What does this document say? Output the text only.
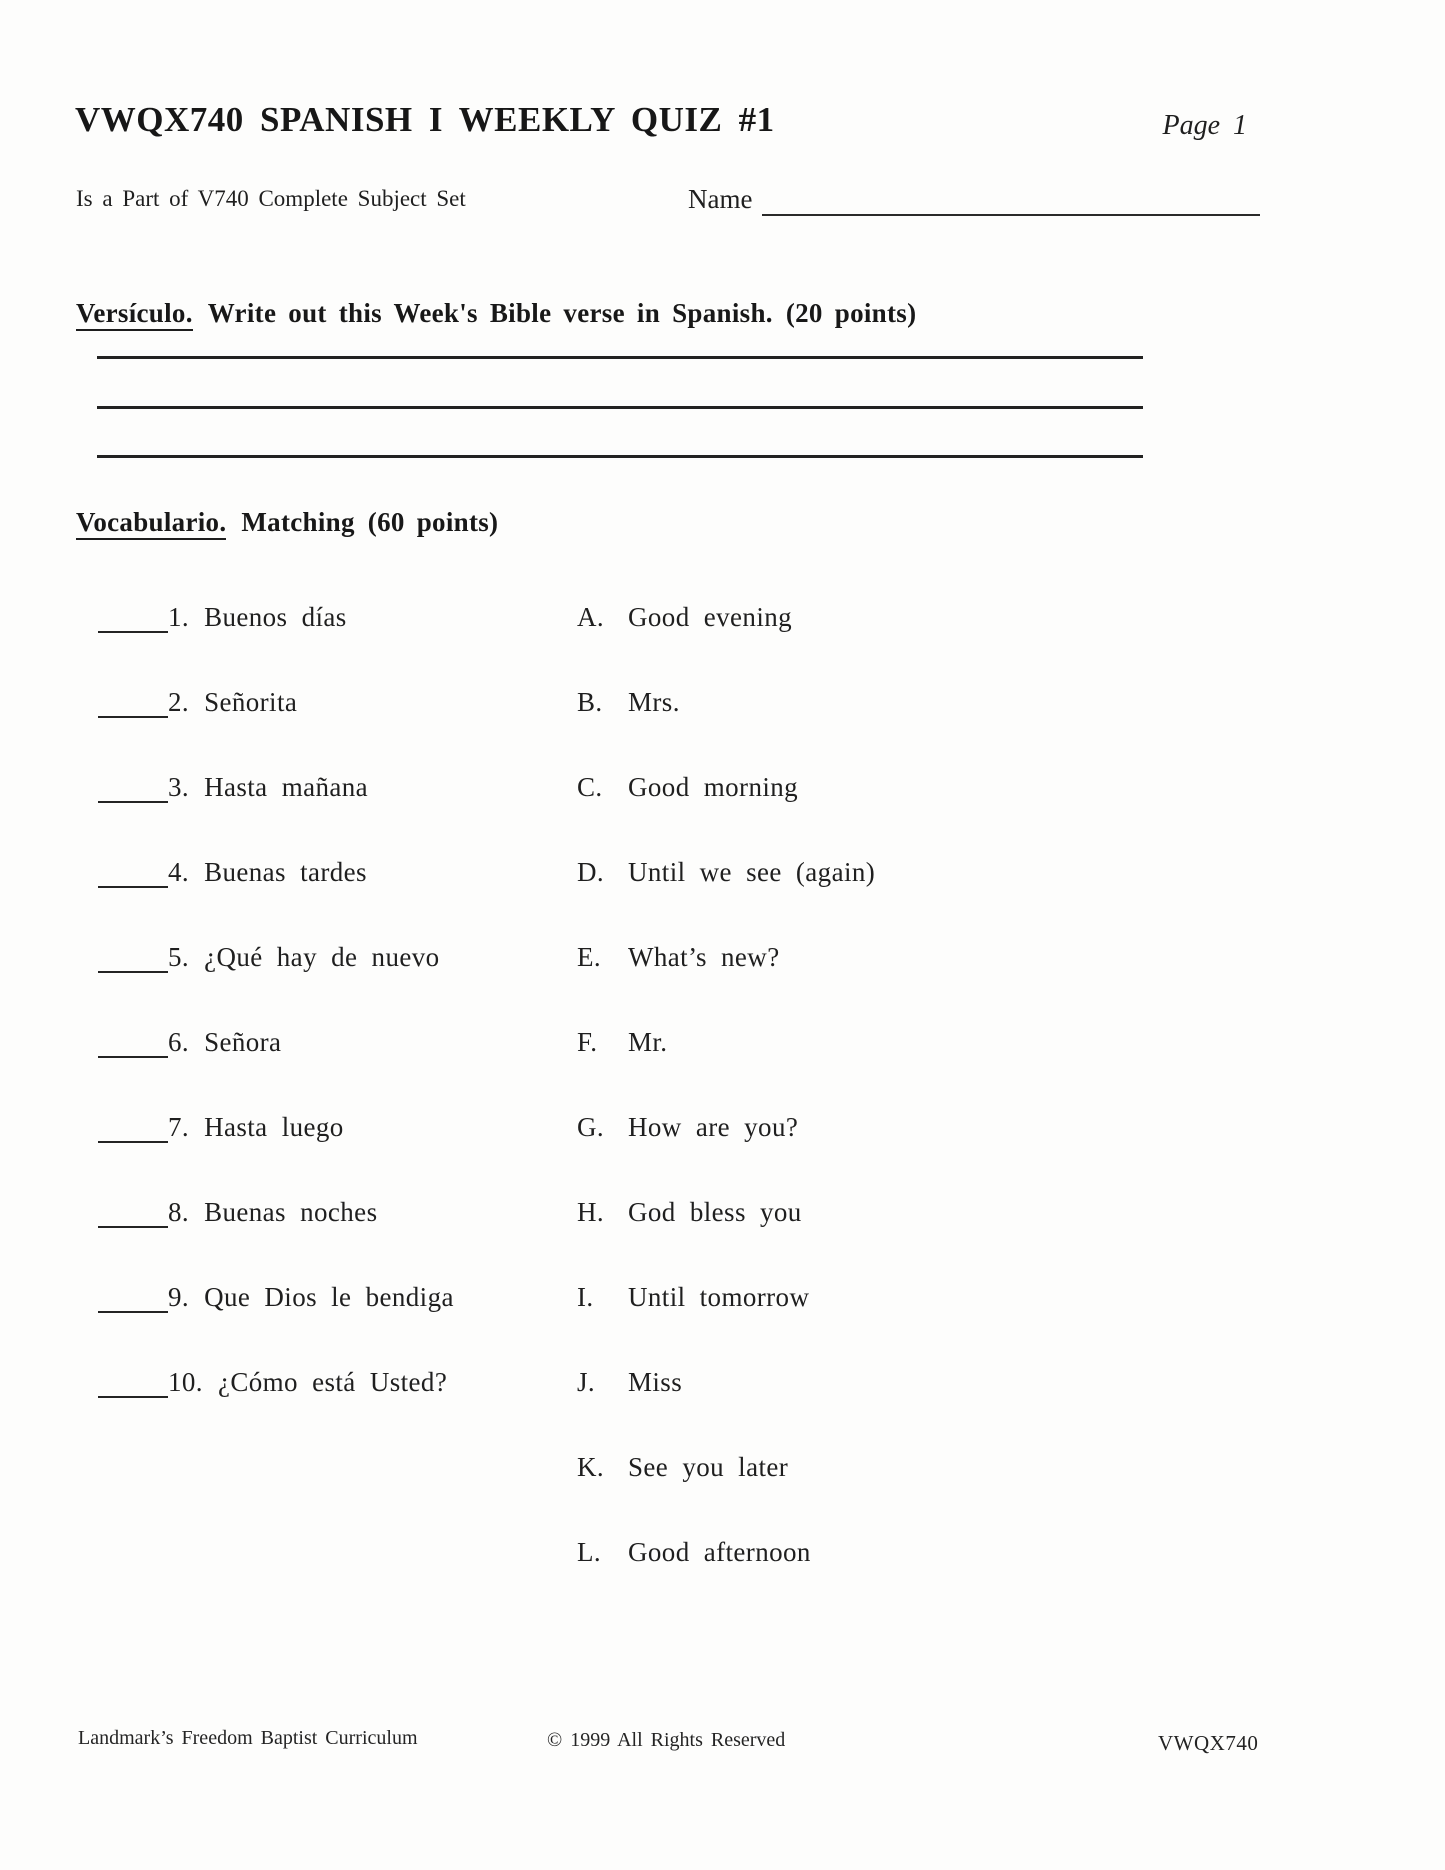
VWQX740 SPANISH I WEEKLY QUIZ #1	Page 1
Is a Part of V740 Complete Subject Set	Name
Versículo. Write out this Week's Bible verse in Spanish. (20 points)
Vocabulario. Matching (60 points)
1. Buenos días
2. Señorita
3. Hasta mañana
4. Buenas tardes
5. ¿Qué hay de nuevo
6. Señora
7. Hasta luego
8. Buenas noches
9. Que Dios le bendiga
10. ¿Cómo está Usted?
A. Good evening
B. Mrs.
C. Good morning
D. Until we see (again)
E. What’s new?
F. Mr.
G. How are you?
H. God bless you
I. Until tomorrow
J. Miss
K. See you later
L. Good afternoon
Landmark’s Freedom Baptist Curriculum	© 1999 All Rights Reserved	VWQX740
